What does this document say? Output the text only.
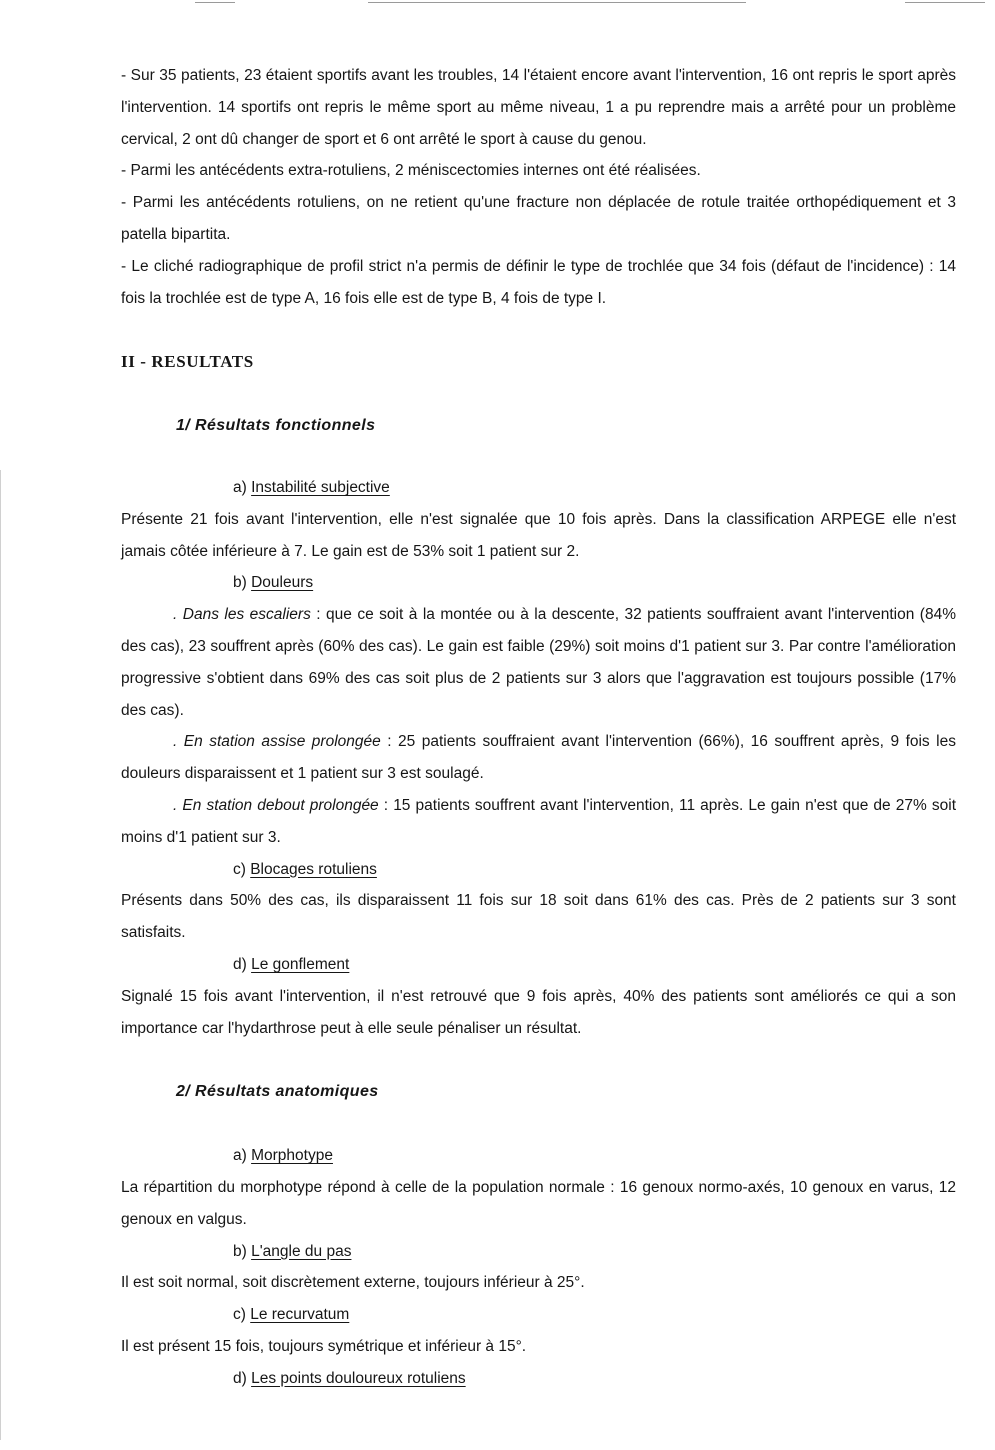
- Sur 35 patients, 23 étaient sportifs avant les troubles, 14 l'étaient encore avant l'intervention, 16 ont repris le sport après l'intervention. 14 sportifs ont repris le même sport au même niveau, 1 a pu reprendre mais a arrêté pour un problème cervical, 2 ont dû changer de sport et 6 ont arrêté le sport à cause du genou.

- Parmi les antécédents extra-rotuliens, 2 méniscectomies internes ont été réalisées.

- Parmi les antécédents rotuliens, on ne retient qu'une fracture non déplacée de rotule traitée orthopédiquement et 3 patella bipartita.

- Le cliché radiographique de profil strict n'a permis de définir le type de trochlée que 34 fois (défaut de l'incidence) : 14 fois la trochlée est de type A, 16 fois elle est de type B, 4 fois de type I.

II - RESULTATS

1/ Résultats fonctionnels

a) Instabilité subjective

Présente 21 fois avant l'intervention, elle n'est signalée que 10 fois après. Dans la classification ARPEGE elle n'est jamais côtée inférieure à 7. Le gain est de 53% soit 1 patient sur 2.

b) Douleurs

. Dans les escaliers : que ce soit à la montée ou à la descente, 32 patients souffraient avant l'intervention (84% des cas), 23 souffrent après (60% des cas). Le gain est faible (29%) soit moins d'1 patient sur 3. Par contre l'amélioration progressive s'obtient dans 69% des cas soit plus de 2 patients sur 3 alors que l'aggravation est toujours possible (17% des cas).

. En station assise prolongée : 25 patients souffraient avant l'intervention (66%), 16 souffrent après, 9 fois les douleurs disparaissent et 1 patient sur 3 est soulagé.

. En station debout prolongée : 15 patients souffrent avant l'intervention, 11 après. Le gain n'est que de 27% soit moins d'1 patient sur 3.

c) Blocages rotuliens

Présents dans 50% des cas, ils disparaissent 11 fois sur 18 soit dans 61% des cas. Près de 2 patients sur 3 sont satisfaits.

d) Le gonflement

Signalé 15 fois avant l'intervention, il n'est retrouvé que 9 fois après, 40% des patients sont améliorés ce qui a son importance car l'hydarthrose peut à elle seule pénaliser un résultat.

2/ Résultats anatomiques

a) Morphotype

La répartition du morphotype répond à celle de la population normale : 16 genoux normo-axés, 10 genoux en varus, 12 genoux en valgus.

b) L'angle du pas

Il est soit normal, soit discrètement externe, toujours inférieur à 25°.

c) Le recurvatum

Il est présent 15 fois, toujours symétrique et inférieur à 15°.

d) Les points douloureux rotuliens
